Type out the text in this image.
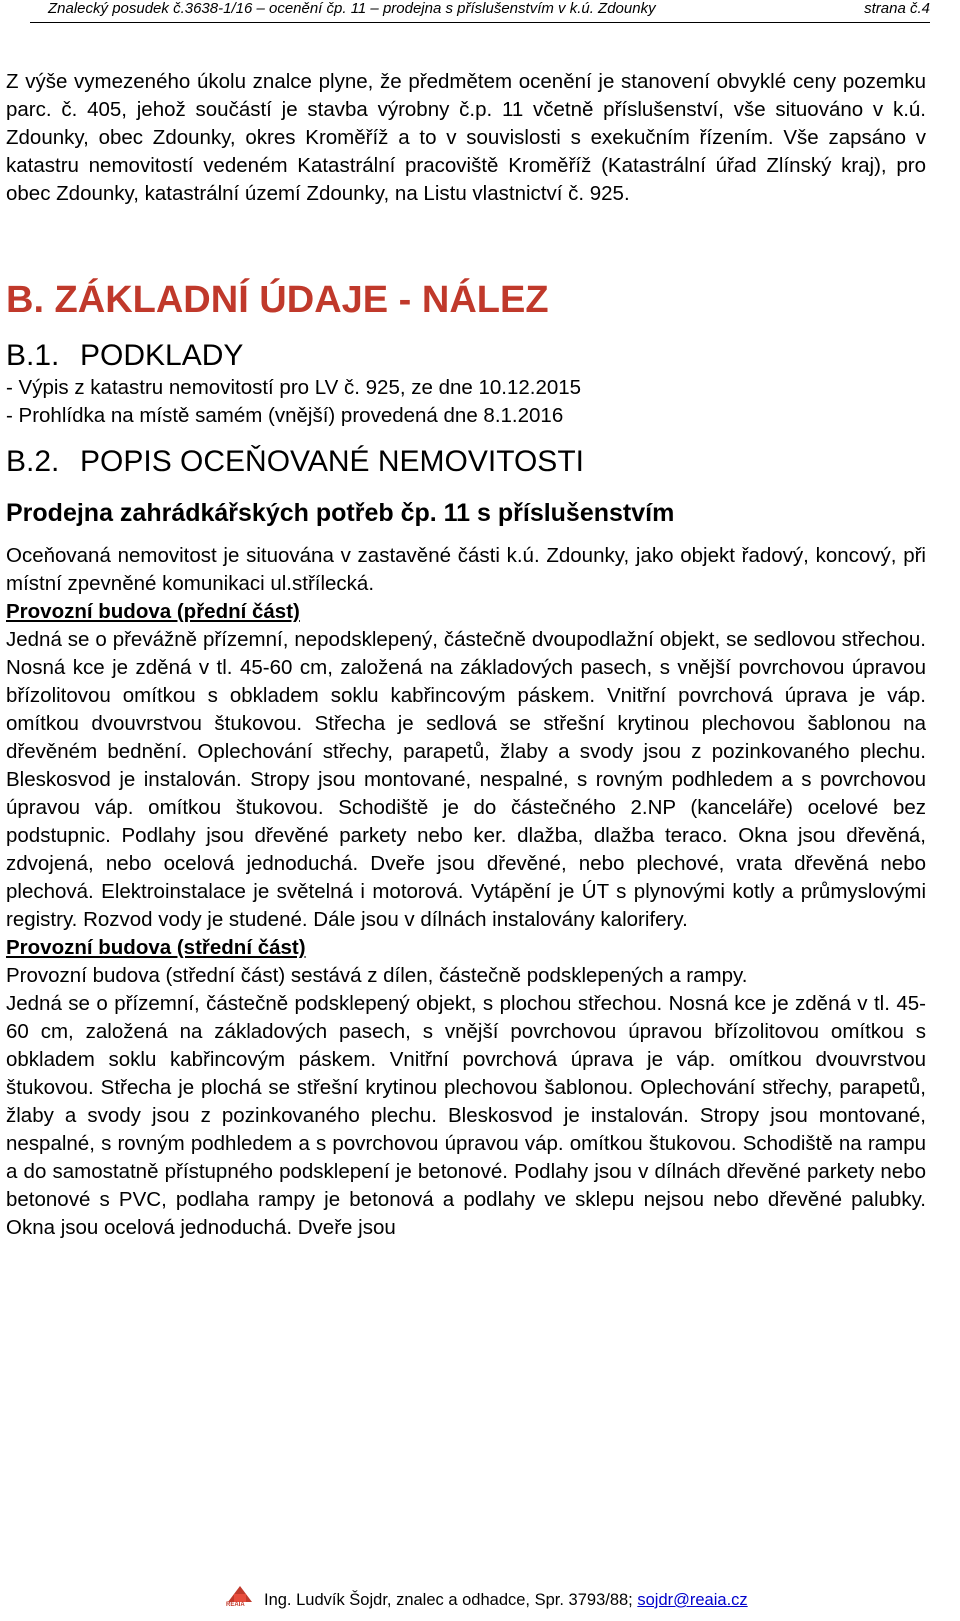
Znalecký posudek č.3638-1/16 – ocenění čp. 11 – prodejna s příslušenstvím v k.ú. Zdounky	strana č.4

Z výše vymezeného úkolu znalce plyne, že předmětem ocenění je stanovení obvyklé ceny pozemku parc. č. 405, jehož součástí je stavba výrobny č.p. 11 včetně příslušenství, vše situováno v k.ú. Zdounky, obec Zdounky, okres Kroměříž a to v souvislosti s exekučním řízením. Vše zapsáno v katastru nemovitostí vedeném Katastrální pracoviště Kroměříž (Katastrální úřad Zlínský kraj), pro obec Zdounky, katastrální území Zdounky, na Listu vlastnictví č. 925.

B. ZÁKLADNÍ ÚDAJE - NÁLEZ

B.1. PODKLADY

- Výpis z katastru nemovitostí pro LV č. 925, ze dne 10.12.2015

- Prohlídka na místě samém (vnější) provedená dne 8.1.2016

B.2. POPIS OCEŇOVANÉ NEMOVITOSTI

Prodejna zahrádkářských potřeb čp. 11 s příslušenstvím

Oceňovaná nemovitost je situována v zastavěné části k.ú. Zdounky, jako objekt řadový, koncový, při místní zpevněné komunikaci ul.střílecká.

Provozní budova (přední část)

Jedná se o převážně přízemní, nepodsklepený, částečně dvoupodlažní objekt, se sedlovou střechou. Nosná kce je zděná v tl. 45-60 cm, založená na základových pasech, s vnější povrchovou úpravou břízolitovou omítkou s obkladem soklu kabřincovým páskem. Vnitřní povrchová úprava je váp. omítkou dvouvrstvou štukovou. Střecha je sedlová se střešní krytinou plechovou šablonou na dřevěném bednění. Oplechování střechy, parapetů, žlaby a svody jsou z pozinkovaného plechu. Bleskosvod je instalován. Stropy jsou montované, nespalné, s rovným podhledem a s povrchovou úpravou váp. omítkou štukovou. Schodiště je do částečného 2.NP (kanceláře) ocelové bez podstupnic. Podlahy jsou dřevěné parkety nebo ker. dlažba, dlažba teraco. Okna jsou dřevěná, zdvojená, nebo ocelová jednoduchá. Dveře jsou dřevěné, nebo plechové, vrata dřevěná nebo plechová. Elektroinstalace je světelná i motorová. Vytápění je ÚT s plynovými kotly a průmyslovými registry. Rozvod vody je studené. Dále jsou v dílnách instalovány kalorifery.

Provozní budova (střední část)

Provozní budova (střední část) sestává z dílen, částečně podsklepených a rampy.

Jedná se o přízemní, částečně podsklepený objekt, s plochou střechou. Nosná kce je zděná v tl. 45-60 cm, založená na základových pasech, s vnější povrchovou úpravou břízolitovou omítkou s obkladem soklu kabřincovým páskem. Vnitřní povrchová úprava je váp. omítkou dvouvrstvou štukovou. Střecha je plochá se střešní krytinou plechovou šablonou. Oplechování střechy, parapetů, žlaby a svody jsou z pozinkovaného plechu. Bleskosvod je instalován. Stropy jsou montované, nespalné, s rovným podhledem a s povrchovou úpravou váp. omítkou štukovou. Schodiště na rampu a do samostatně přístupného podsklepení je betonové. Podlahy jsou v dílnách dřevěné parkety nebo betonové s PVC, podlaha rampy je betonová a podlahy ve sklepu nejsou nebo dřevěné palubky. Okna jsou ocelová jednoduchá. Dveře jsou

REAIA Ing. Ludvík Šojdr, znalec a odhadce, Spr. 3793/88; sojdr@reaia.cz
